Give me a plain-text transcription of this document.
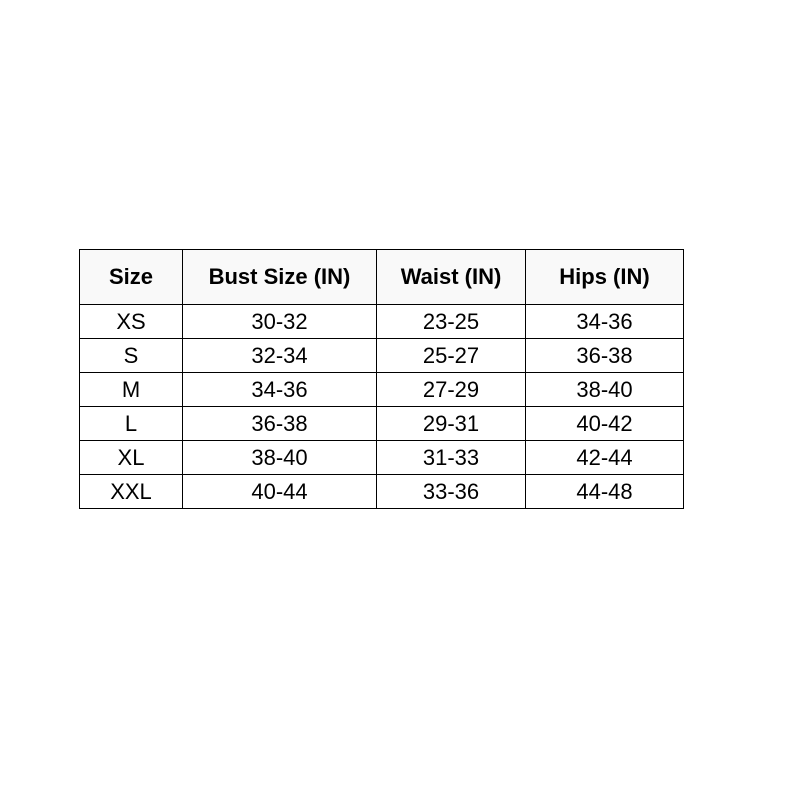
Size	Bust Size (IN)	Waist (IN)	Hips (IN)
XS	30-32	23-25	34-36
S	32-34	25-27	36-38
M	34-36	27-29	38-40
L	36-38	29-31	40-42
XL	38-40	31-33	42-44
XXL	40-44	33-36	44-48
